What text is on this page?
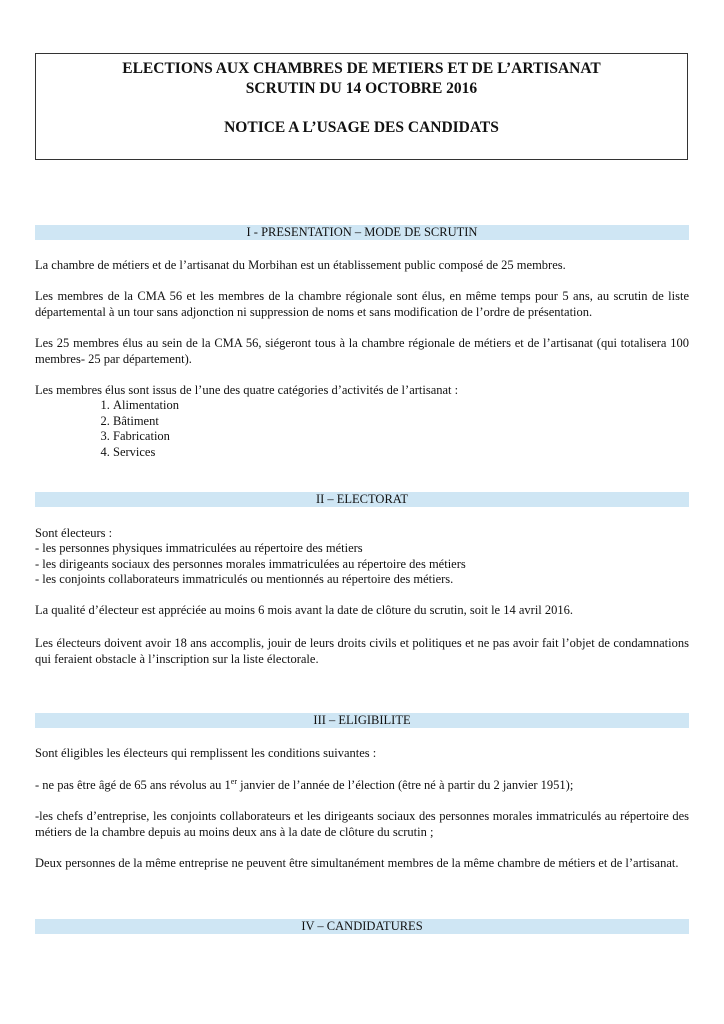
ELECTIONS AUX CHAMBRES DE METIERS ET DE L’ARTISANAT
SCRUTIN DU 14 OCTOBRE 2016
NOTICE A L’USAGE DES CANDIDATS
I - PRESENTATION – MODE DE SCRUTIN
La chambre de métiers et de l’artisanat du Morbihan est un établissement public composé de 25 membres.
Les membres de la CMA 56 et les membres de la chambre régionale sont élus, en même temps pour 5 ans, au scrutin de liste départemental à un tour sans adjonction ni suppression de noms et sans modification de l’ordre de présentation.
Les 25 membres élus au sein de la CMA 56, siégeront tous à la chambre régionale de métiers et de l’artisanat (qui totalisera 100 membres- 25 par département).
Les membres élus sont issus de l’une des quatre catégories d’activités de l’artisanat :
1. Alimentation
2. Bâtiment
3. Fabrication
4. Services
II – ELECTORAT
Sont électeurs :
- les personnes physiques immatriculées au répertoire des métiers
- les dirigeants sociaux des personnes morales immatriculées au répertoire des métiers
- les conjoints collaborateurs immatriculés ou mentionnés au répertoire des métiers.
La qualité d’électeur est appréciée au moins 6 mois avant la date de clôture du scrutin, soit le 14 avril 2016.
Les électeurs doivent avoir 18 ans accomplis, jouir de leurs droits civils et politiques et ne pas avoir fait l’objet de condamnations qui feraient obstacle à l’inscription sur la liste électorale.
III – ELIGIBILITE
Sont éligibles les électeurs qui remplissent les conditions suivantes :
- ne pas être âgé de 65 ans révolus au 1er janvier de l’année de l’élection (être né à partir du 2 janvier 1951);
-les chefs d’entreprise, les conjoints collaborateurs et les dirigeants sociaux des personnes morales immatriculés au répertoire des métiers de la chambre depuis au moins deux ans à la date de clôture du scrutin ;
Deux personnes de la même entreprise ne peuvent être simultanément membres de la même chambre de métiers et de l’artisanat.
IV – CANDIDATURES
